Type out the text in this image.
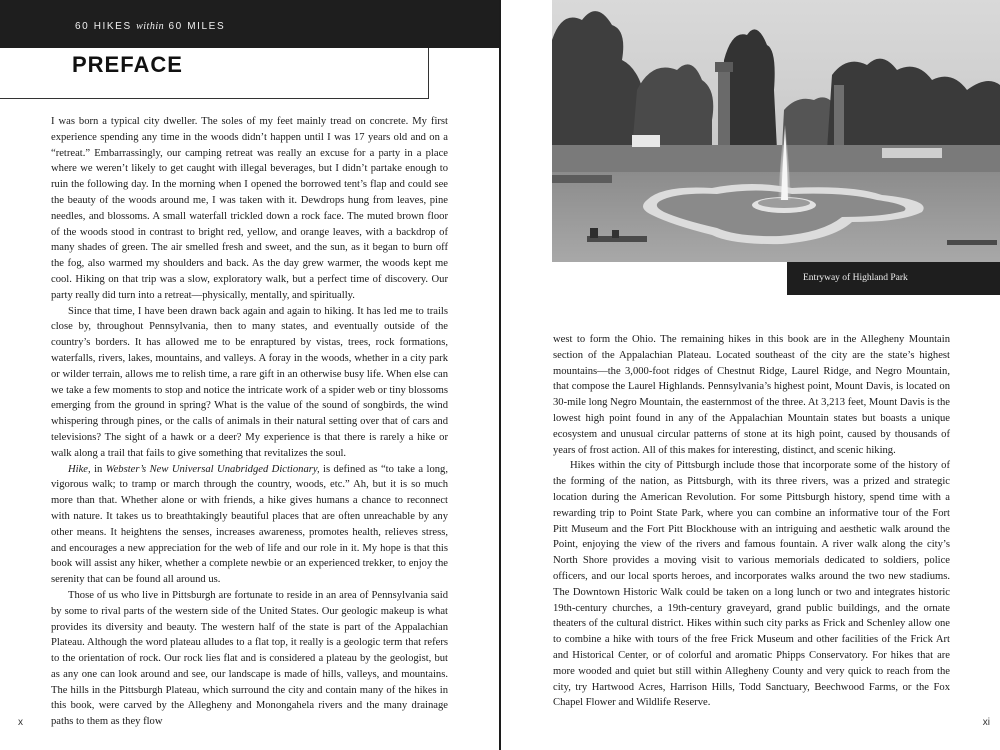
60 HIKES within 60 MILES
PREFACE

I was born a typical city dweller. The soles of my feet mainly tread on concrete. My first experience spending any time in the woods didn’t happen until I was 17 years old and on a “retreat.” Embarrassingly, our camping retreat was really an excuse for a party in a place where we weren’t likely to get caught with illegal beverages, but I didn’t partake enough to ruin the following day. In the morning when I opened the borrowed tent’s flap and could see the beauty of the woods around me, I was taken with it. Dewdrops hung from leaves, pine needles, and blossoms. A small waterfall trickled down a rock face. The muted brown floor of the woods stood in contrast to bright red, yellow, and orange leaves, with a backdrop of many shades of green. The air smelled fresh and sweet, and the sun, as it began to burn off the fog, also warmed my shoulders and back. As the day grew warmer, the woods kept me cool. Hiking on that trip was a slow, exploratory walk, but a perfect time of discovery. Our party really did turn into a retreat—physically, mentally, and spiritually.

Since that time, I have been drawn back again and again to hiking. It has led me to trails close by, throughout Pennsylvania, then to many states, and eventually outside of the country’s borders. It has allowed me to be enraptured by vistas, trees, rock formations, waterfalls, rivers, lakes, mountains, and valleys. A foray in the woods, whether in a city park or wilder terrain, allows me to relish time, a rare gift in an otherwise busy life. When else can we take a few moments to stop and notice the intricate work of a spider web or tiny blossoms emerging from the ground in spring? What is the value of the sound of songbirds, the wind whispering through pines, or the calls of animals in their natural setting over that of cars and televisions? The sight of a hawk or a deer? My experience is that there is rarely a hike or walk along a trail that fails to give something that revitalizes the soul.

Hike, in Webster’s New Universal Unabridged Dictionary, is defined as “to take a long, vigorous walk; to tramp or march through the country, woods, etc.” Ah, but it is so much more than that. Whether alone or with friends, a hike gives humans a chance to reconnect with nature. It takes us to breathtakingly beautiful places that are often unreachable by any other means. It heightens the senses, increases awareness, promotes health, relieves stress, and encourages a new appreciation for the web of life and our role in it. My hope is that this book will assist any hiker, whether a complete newbie or an experienced trekker, to enjoy the serenity that can be found all around us.

Those of us who live in Pittsburgh are fortunate to reside in an area of Pennsylvania said by some to rival parts of the western side of the United States. Our geologic makeup is what provides its diversity and beauty. The western half of the state is part of the Appalachian Plateau. Although the word plateau alludes to a flat top, it really is a geologic term that refers to the orientation of rock. Our rock lies flat and is considered a plateau by the geologist, but as any one can look around and see, our landscape is made of hills, valleys, and mountains. The hills in the Pittsburgh Plateau, which surround the city and contain many of the hikes in this book, were carved by the Allegheny and Monongahela rivers and the many drainage paths to them as they flow

x
Entryway of Highland Park

west to form the Ohio. The remaining hikes in this book are in the Allegheny Mountain section of the Appalachian Plateau. Located southeast of the city are the state’s highest mountains—the 3,000-foot ridges of Chestnut Ridge, Laurel Ridge, and Negro Mountain, that compose the Laurel Highlands. Pennsylvania’s highest point, Mount Davis, is located on 30-mile long Negro Mountain, the easternmost of the three. At 3,213 feet, Mount Davis is the lowest high point found in any of the Appalachian Mountain states but boasts a unique ecosystem and unusual circular patterns of stone at its high point, caused by thousands of years of frost action. All of this makes for interesting, distinct, and scenic hiking.

Hikes within the city of Pittsburgh include those that incorporate some of the history of the forming of the nation, as Pittsburgh, with its three rivers, was a prized and strategic location during the American Revolution. For some Pittsburgh history, spend time with a rewarding trip to Point State Park, where you can combine an informative tour of the Fort Pitt Museum and the Fort Pitt Blockhouse with an intriguing and aesthetic walk around the Point, enjoying the view of the rivers and famous fountain. A river walk along the city’s North Shore provides a moving visit to various memorials dedicated to soldiers, police officers, and our local sports heroes, and incorporates walks around the two new stadiums. The Downtown Historic Walk could be taken on a long lunch or two and integrates historic 19th-century churches, a 19th-century graveyard, grand public buildings, and the ornate theaters of the cultural district. Hikes within such city parks as Frick and Schenley allow one to combine a hike with tours of the free Frick Museum and other facilities of the Frick Art and Historical Center, or of colorful and aromatic Phipps Conservatory. For hikes that are more wooded and quiet but still within Allegheny County and very quick to reach from the city, try Hartwood Acres, Harrison Hills, Todd Sanctuary, Beechwood Farms, or the Fox Chapel Flower and Wildlife Reserve.

xi
